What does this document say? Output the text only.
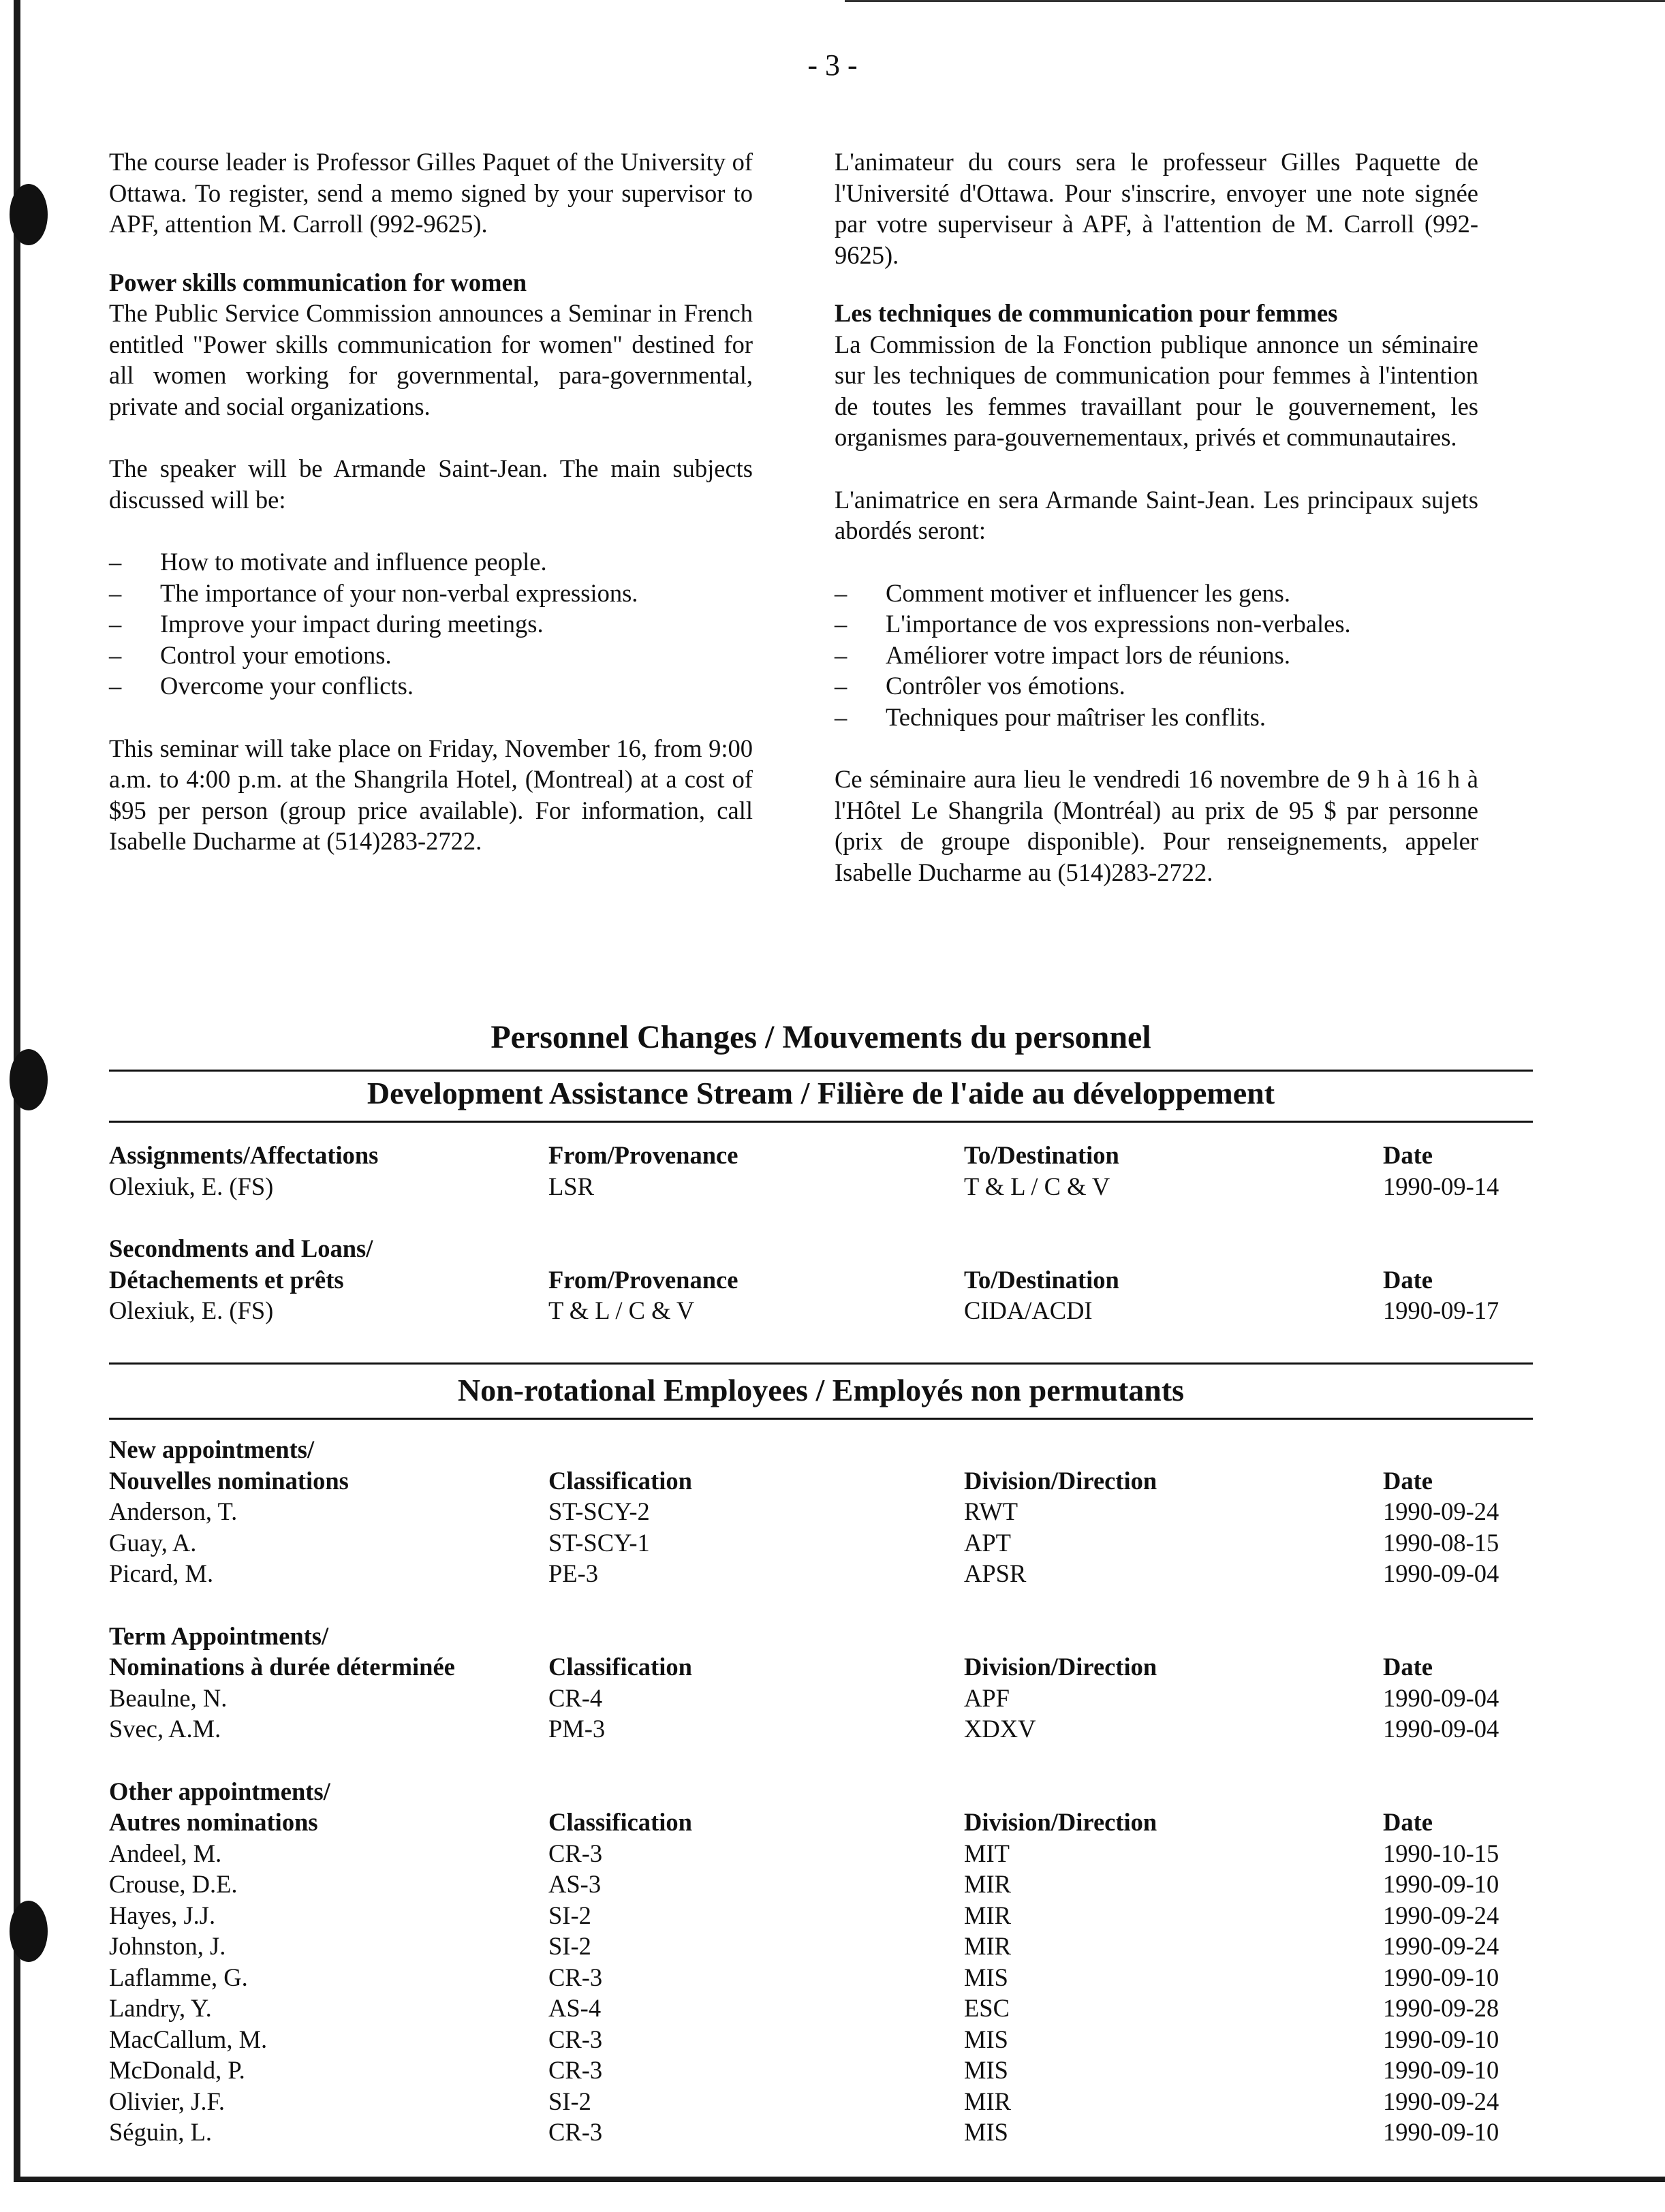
- 3 -

The course leader is Professor Gilles Paquet of the University of Ottawa. To register, send a memo signed by your supervisor to APF, attention M. Carroll (992-9625).

Power skills communication for women

The Public Service Commission announces a Seminar in French entitled "Power skills communication for women" destined for all women working for governmental, para-governmental, private and social organizations.

The speaker will be Armande Saint-Jean. The main subjects discussed will be:

– How to motivate and influence people.
– The importance of your non-verbal expressions.
– Improve your impact during meetings.
– Control your emotions.
– Overcome your conflicts.

This seminar will take place on Friday, November 16, from 9:00 a.m. to 4:00 p.m. at the Shangrila Hotel, (Montreal) at a cost of $95 per person (group price available). For information, call Isabelle Ducharme at (514)283-2722.

L'animateur du cours sera le professeur Gilles Paquette de l'Université d'Ottawa. Pour s'inscrire, envoyer une note signée par votre superviseur à APF, à l'attention de M. Carroll (992-9625).

Les techniques de communication pour femmes

La Commission de la Fonction publique annonce un séminaire sur les techniques de communication pour femmes à l'intention de toutes les femmes travaillant pour le gouvernement, les organismes para-gouvernementaux, privés et communautaires.

L'animatrice en sera Armande Saint-Jean. Les principaux sujets abordés seront:

– Comment motiver et influencer les gens.
– L'importance de vos expressions non-verbales.
– Améliorer votre impact lors de réunions.
– Contrôler vos émotions.
– Techniques pour maîtriser les conflits.

Ce séminaire aura lieu le vendredi 16 novembre de 9 h à 16 h à l'Hôtel Le Shangrila (Montréal) au prix de 95 $ par personne (prix de groupe disponible). Pour renseignements, appeler Isabelle Ducharme au (514)283-2722.

Personnel Changes / Mouvements du personnel
Development Assistance Stream / Filière de l'aide au développement
Assignments/Affectations	From/Provenance	To/Destination	Date
Olexiuk, E. (FS)	LSR	T & L / C & V	1990-09-14
Secondments and Loans/
Détachements et prêts	From/Provenance	To/Destination	Date
Olexiuk, E. (FS)	T & L / C & V	CIDA/ACDI	1990-09-17
Non-rotational Employees / Employés non permutants
New appointments/
Nouvelles nominations	Classification	Division/Direction	Date
Anderson, T.	ST-SCY-2	RWT	1990-09-24
Guay, A.	ST-SCY-1	APT	1990-08-15
Picard, M.	PE-3	APSR	1990-09-04
Term Appointments/
Nominations à durée déterminée	Classification	Division/Direction	Date
Beaulne, N.	CR-4	APF	1990-09-04
Svec, A.M.	PM-3	XDXV	1990-09-04
Other appointments/
Autres nominations	Classification	Division/Direction	Date
Andeel, M.	CR-3	MIT	1990-10-15
Crouse, D.E.	AS-3	MIR	1990-09-10
Hayes, J.J.	SI-2	MIR	1990-09-24
Johnston, J.	SI-2	MIR	1990-09-24
Laflamme, G.	CR-3	MIS	1990-09-10
Landry, Y.	AS-4	ESC	1990-09-28
MacCallum, M.	CR-3	MIS	1990-09-10
McDonald, P.	CR-3	MIS	1990-09-10
Olivier, J.F.	SI-2	MIR	1990-09-24
Séguin, L.	CR-3	MIS	1990-09-10
